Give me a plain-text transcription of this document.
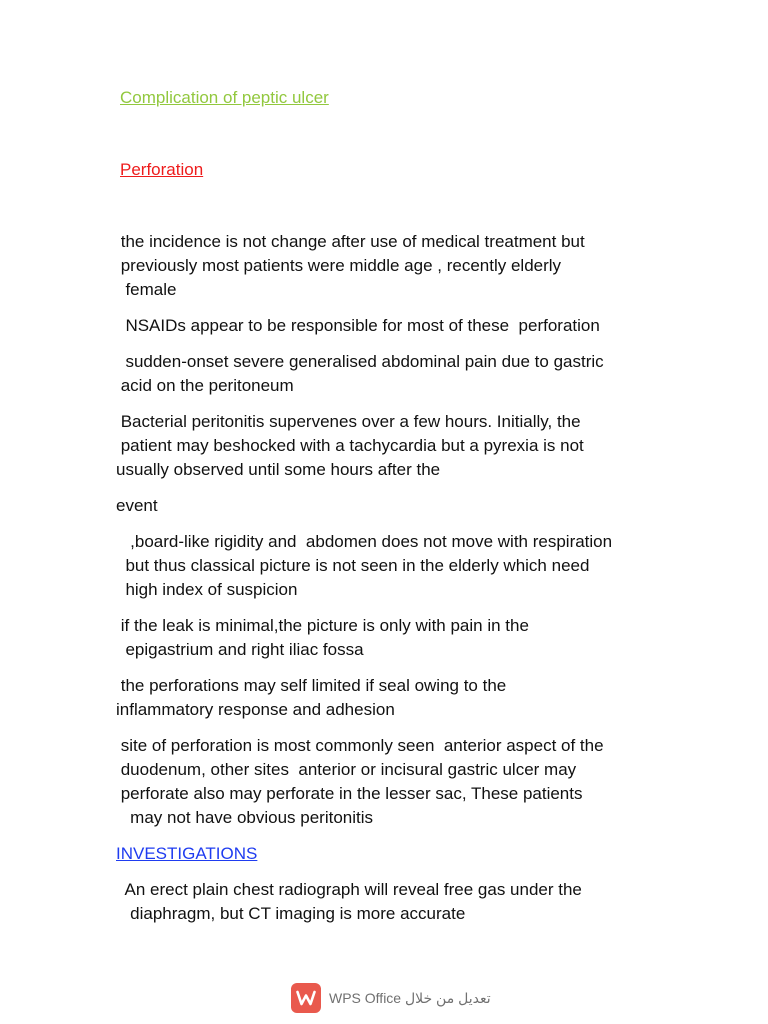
Complication of peptic ulcer
Perforation
the incidence is not change after use of medical treatment but
previously most patients were middle age , recently elderly
female
NSAIDs appear to be responsible for most of these  perforation
sudden-onset severe generalised abdominal pain due to gastric
acid on the peritoneum
Bacterial peritonitis supervenes over a few hours. Initially, the
patient may beshocked with a tachycardia but a pyrexia is not
usually observed until some hours after the
event
,board-like rigidity and  abdomen does not move with respiration
but thus classical picture is not seen in the elderly which need
high index of suspicion
if the leak is minimal,the picture is only with pain in the
epigastrium and right iliac fossa
the perforations may self limited if seal owing to the
inflammatory response and adhesion
site of perforation is most commonly seen  anterior aspect of the
duodenum, other sites  anterior or incisural gastric ulcer may
perforate also may perforate in the lesser sac, These patients
may not have obvious peritonitis
INVESTIGATIONS
An erect plain chest radiograph will reveal free gas under the
diaphragm, but CT imaging is more accurate
تعديل من خلال WPS Office
